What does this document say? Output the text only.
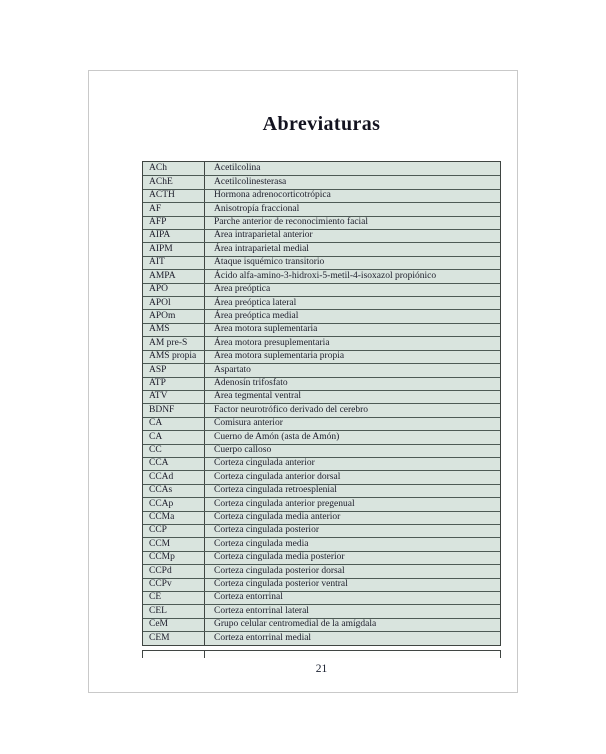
Abreviaturas
ACh	Acetilcolina
AChE	Acetilcolinesterasa
ACTH	Hormona adrenocorticotrópica
AF	Anisotropía fraccional
AFP	Parche anterior de reconocimiento facial
AIPA	Área intraparietal anterior
AIPM	Área intraparietal medial
AIT	Ataque isquémico transitorio
AMPA	Ácido alfa-amino-3-hidroxi-5-metil-4-isoxazol propiónico
APO	Área preóptica
APOl	Área preóptica lateral
APOm	Área preóptica medial
AMS	Área motora suplementaria
AM pre-S	Área motora presuplementaria
AMS propia	Área motora suplementaria propia
ASP	Aspartato
ATP	Adenosín trifosfato
ATV	Área tegmental ventral
BDNF	Factor neurotrófico derivado del cerebro
CA	Comisura anterior
CA	Cuerno de Amón (asta de Amón)
CC	Cuerpo calloso
CCA	Corteza cingulada anterior
CCAd	Corteza cingulada anterior dorsal
CCAs	Corteza cingulada retroesplenial
CCAp	Corteza cingulada anterior pregenual
CCMa	Corteza cingulada media anterior
CCP	Corteza cingulada posterior
CCM	Corteza cingulada media
CCMp	Corteza cingulada media posterior
CCPd	Corteza cingulada posterior dorsal
CCPv	Corteza cingulada posterior ventral
CE	Corteza entorrinal
CEL	Corteza entorrinal lateral
CeM	Grupo celular centromedial de la amígdala
CEM	Corteza entorrinal medial
21
